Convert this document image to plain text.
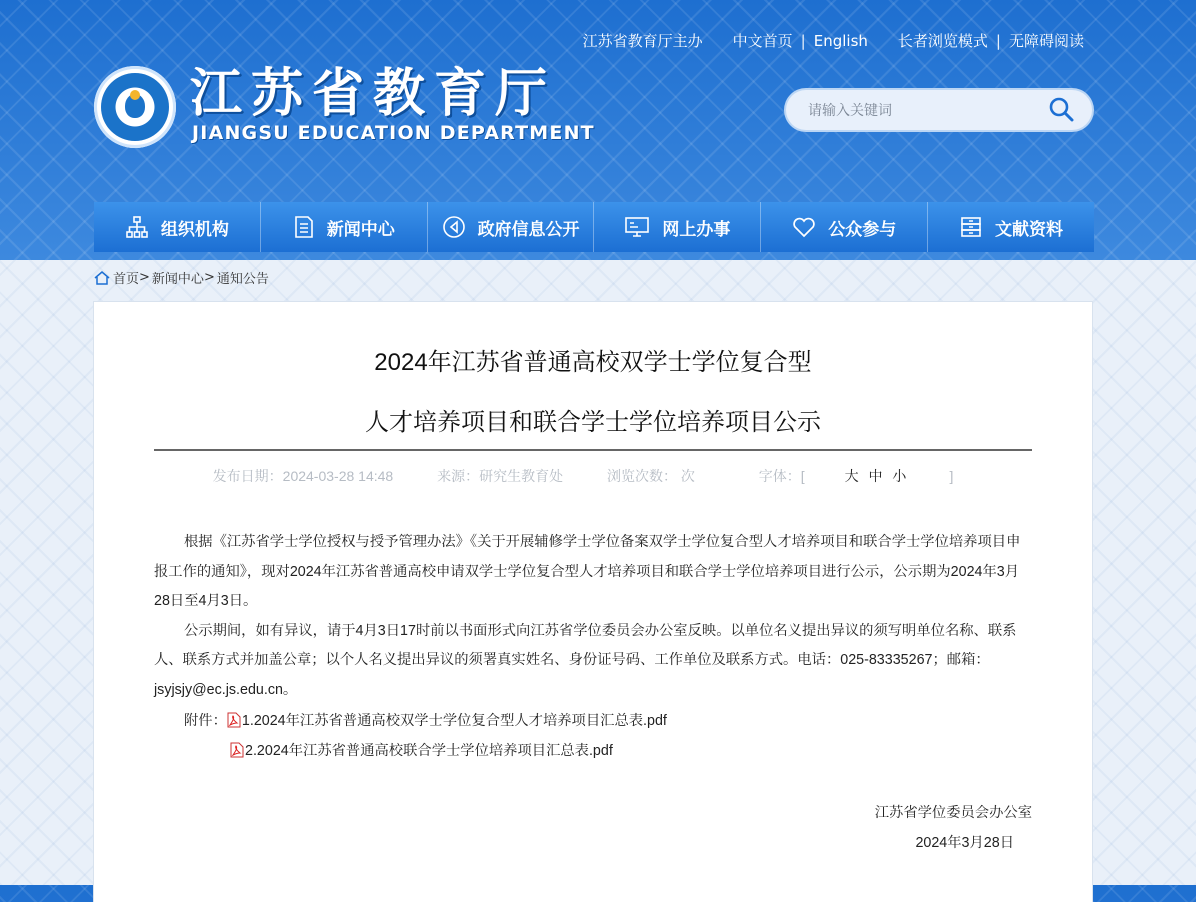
江苏省教育厅主办 中文首页 | English 长者浏览模式 | 无障碍阅读
江苏省教育厅
JIANGSU EDUCATION DEPARTMENT
请输入关键词
组织机构	新闻中心	政府信息公开	网上办事	公众参与	文献资料
首页 > 新闻中心 > 通知公告
2024年江苏省普通高校双学士学位复合型
人才培养项目和联合学士学位培养项目公示
发布日期：2024-03-28 14:48	来源：研究生教育处	浏览次数： 次	字体：[	大 中 小	]

根据《江苏省学士学位授权与授予管理办法》《关于开展辅修学士学位备案双学士学位复合型人才培养项目和联合学士学位培养项目申报工作的通知》，现对2024年江苏省普通高校申请双学士学位复合型人才培养项目和联合学士学位培养项目进行公示，公示期为2024年3月28日至4月3日。

公示期间，如有异议，请于4月3日17时前以书面形式向江苏省学位委员会办公室反映。以单位名义提出异议的须写明单位名称、联系人、联系方式并加盖公章；以个人名义提出异议的须署真实姓名、身份证号码、工作单位及联系方式。电话：025-83335267；邮箱：jsyjsjy@ec.js.edu.cn。

附件： 1.2024年江苏省普通高校双学士学位复合型人才培养项目汇总表.pdf
2.2024年江苏省普通高校联合学士学位培养项目汇总表.pdf
江苏省学位委员会办公室
2024年3月28日
